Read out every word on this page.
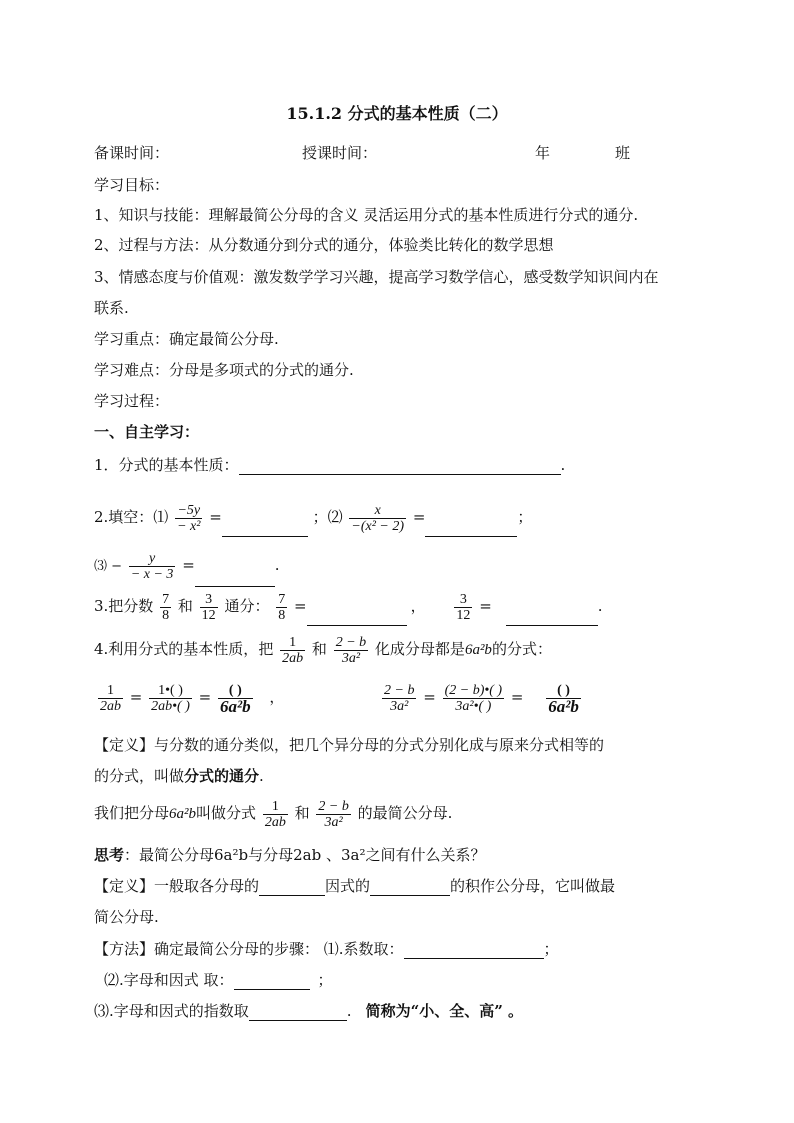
15.1.2 分式的基本性质（二）
备课时间：	授课时间：	年	班
学习目标：
1、知识与技能：理解最简公分母的含义 灵活运用分式的基本性质进行分式的通分.
2、过程与方法：从分数通分到分式的通分，体验类比转化的数学思想
3、情感态度与价值观：激发数学学习兴趣，提高学习数学信心，感受数学知识间内在
联系.
学习重点：确定最简公分母.
学习难点：分母是多项式的分式的通分.
学习过程：
一、自主学习：
1．分式的基本性质：	.
2.填空：⑴ $\frac{-5y}{\text{− x²}}$ =	；⑵ $\frac{x}{\text{−(x² − 2)}}$ =	；
⑶ − $\frac{y}{- x - 3}$ =	.
3.把分数 $\frac{7}{8}$ 和 $\frac{3}{12}$ 通分： $\frac{7}{8}$ =	， $\frac{3}{12}$ =	.
4.利用分式的基本性质，把 $\frac{1}{2ab}$ 和 $\frac{2 - b}{\text{3a²}}$ 化成分母都是6a²b的分式：
$\frac{1}{2ab} = \frac{1•( )}{2ab•( )} = \frac{( )}{\text{6a²b}}$ ，	$\frac{2 - b}{\text{3a²}} = \frac{(2 - b)•( )}{\text{3a²•( )}} = \frac{( )}{\text{6a²b}}$
【定义】与分数的通分类似，把几个异分母的分式分别化成与原来分式相等的
的分式，叫做分式的通分.
我们把分母6a²b叫做分式 $\frac{1}{2ab}$ 和 $\frac{2 - b}{\text{3a²}}$ 的最简公分母.
思考：最简公分母6a²b与分母2ab 、3a²之间有什么关系？
【定义】一般取各分母的	因式的	的积作公分母，它叫做最
简公分母.
【方法】确定最简公分母的步骤： ⑴.系数取：	；
⑵.字母和因式 取：	；
⑶.字母和因式的指数取	. 简称为“小、全、高” 。
